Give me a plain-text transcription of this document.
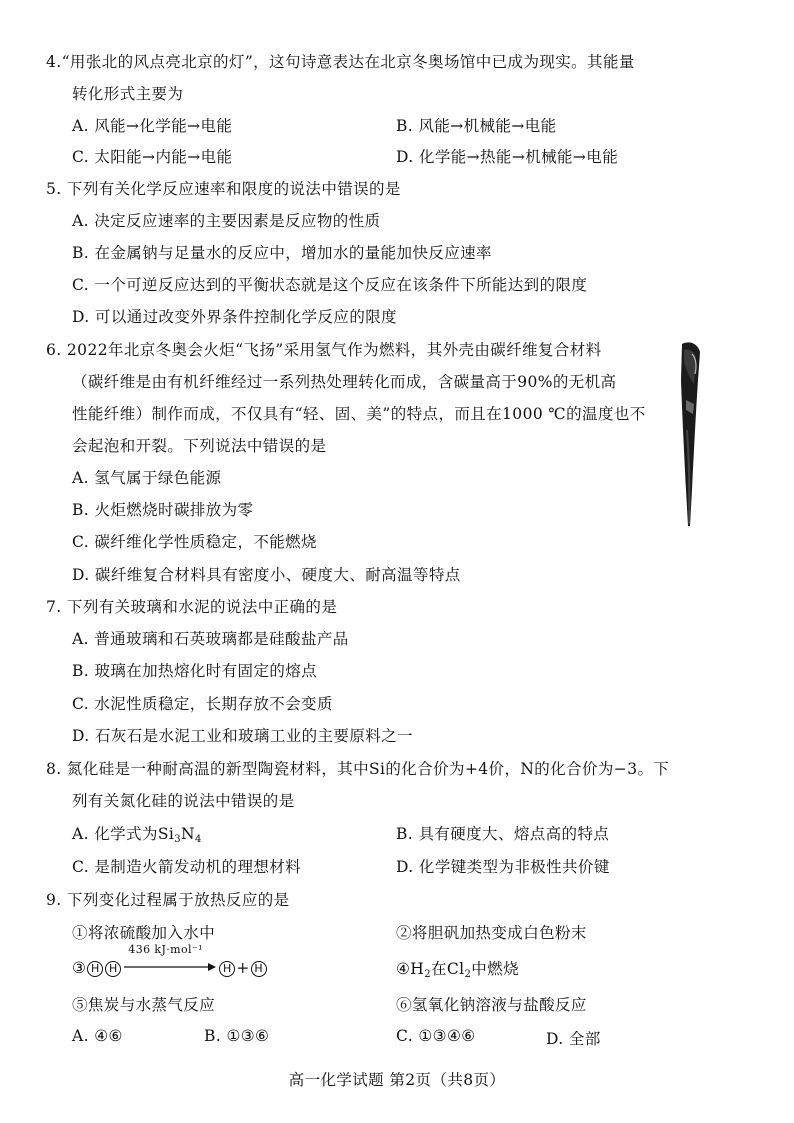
4.“用张北的风点亮北京的灯”，这句诗意表达在北京冬奥场馆中已成为现实。其能量
转化形式主要为
A. 风能→化学能→电能	B. 风能→机械能→电能
C. 太阳能→内能→电能	D. 化学能→热能→机械能→电能
5. 下列有关化学反应速率和限度的说法中错误的是
A. 决定反应速率的主要因素是反应物的性质
B. 在金属钠与足量水的反应中，增加水的量能加快反应速率
C. 一个可逆反应达到的平衡状态就是这个反应在该条件下所能达到的限度
D. 可以通过改变外界条件控制化学反应的限度
6. 2022年北京冬奥会火炬“飞扬”采用氢气作为燃料，其外壳由碳纤维复合材料
（碳纤维是由有机纤维经过一系列热处理转化而成，含碳量高于90%的无机高
性能纤维）制作而成，不仅具有“轻、固、美”的特点，而且在1000 ℃的温度也不
会起泡和开裂。下列说法中错误的是
A. 氢气属于绿色能源
B. 火炬燃烧时碳排放为零
C. 碳纤维化学性质稳定，不能燃烧
D. 碳纤维复合材料具有密度小、硬度大、耐高温等特点
7. 下列有关玻璃和水泥的说法中正确的是
A. 普通玻璃和石英玻璃都是硅酸盐产品
B. 玻璃在加热熔化时有固定的熔点
C. 水泥性质稳定，长期存放不会变质
D. 石灰石是水泥工业和玻璃工业的主要原料之一
8. 氮化硅是一种耐高温的新型陶瓷材料，其中Si的化合价为+4价，N的化合价为−3。下
列有关氮化硅的说法中错误的是
A. 化学式为$Si_3N_4$	B. 具有硬度大、熔点高的特点
C. 是制造火箭发动机的理想材料	D. 化学键类型为非极性共价键
9. 下列变化过程属于放热反应的是
①将浓硫酸加入水中	②将胆矾加热变成白色粉末
③ H H
436 kJ·mol⁻¹
H + H	$④H_2$在$Cl_2$中燃烧
⑤焦炭与水蒸气反应	⑥氢氧化钠溶液与盐酸反应
A. ④⑥	B. ①③⑥	C. ①③④⑥	D. 全部
高一化学试题 第2页（共8页）
